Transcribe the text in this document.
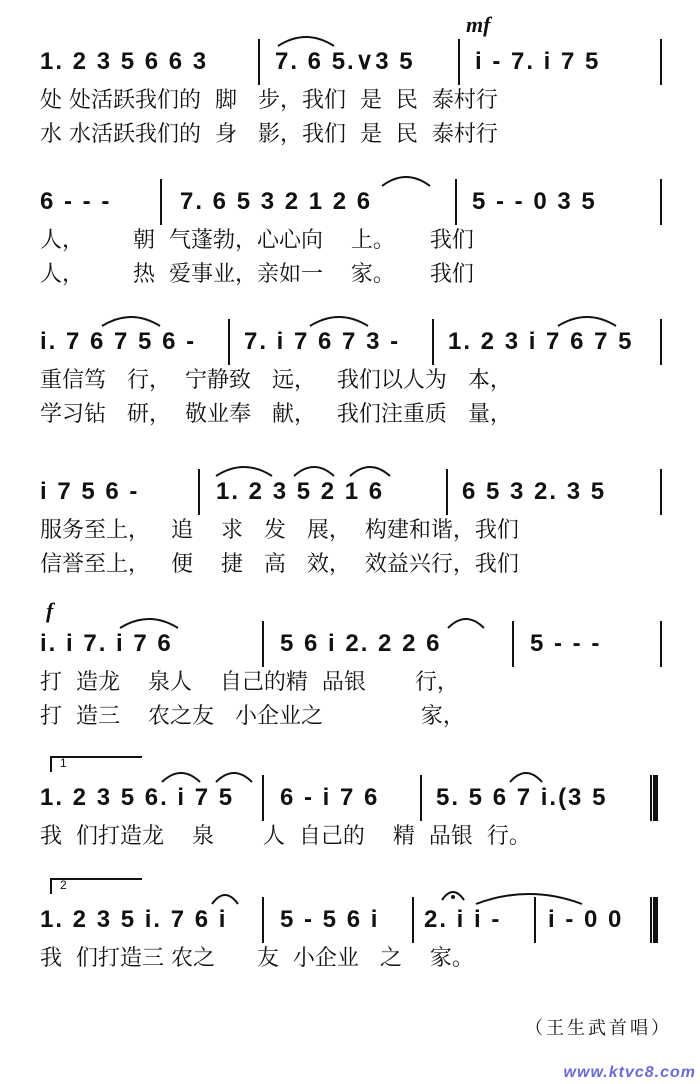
mf
f
1. 2 3 5 6 6 3	7. 6 5.∨3 5	i - 7. i 7 5
处 处活跃我们的  脚   步，我们  是  民  泰村行
水 水活跃我们的  身   影，我们  是  民  泰村行
6 - - -	7. 6 5 3 2 1 2 6	5 - - 0 3 5
人，       朝  气蓬勃，心心向    上。     我们
人，       热  爱事业，亲如一    家。     我们
i. 7 6 7 5 6 - 7. i 7 6 7 3 - 1. 2 3 i 7 6 7 5
重信笃   行，  宁静致   远，   我们以人为   本，
学习钻   研，  敬业奉   献，   我们注重质   量，
i 7 5 6 -	1. 2 3 5 2 1 6	6 5 3 2. 3 5
服务至上，   追    求   发   展，  构建和谐，我们
信誉至上，   便    捷   高   效，  效益兴行，我们
i. i 7. i 7 6	5 6 i 2. 2 2 6	5 - - -
打  造龙    泉人    自己的精  品银       行，
打  造三    农之友   小企业之              家，
1
1. 2 3 5 6. i 7 5 6 - i 7 6 5. 5 6 7 i.(3 5
我  们打造龙    泉       人  自己的    精  品银  行。
2
1. 2 3 5 i. 7 6 i 5 - 5 6 i 2. i i - i - 0 0
我  们打造三 农之      友  小企业   之    家。
（王生武首唱）
www.ktvc8.com
